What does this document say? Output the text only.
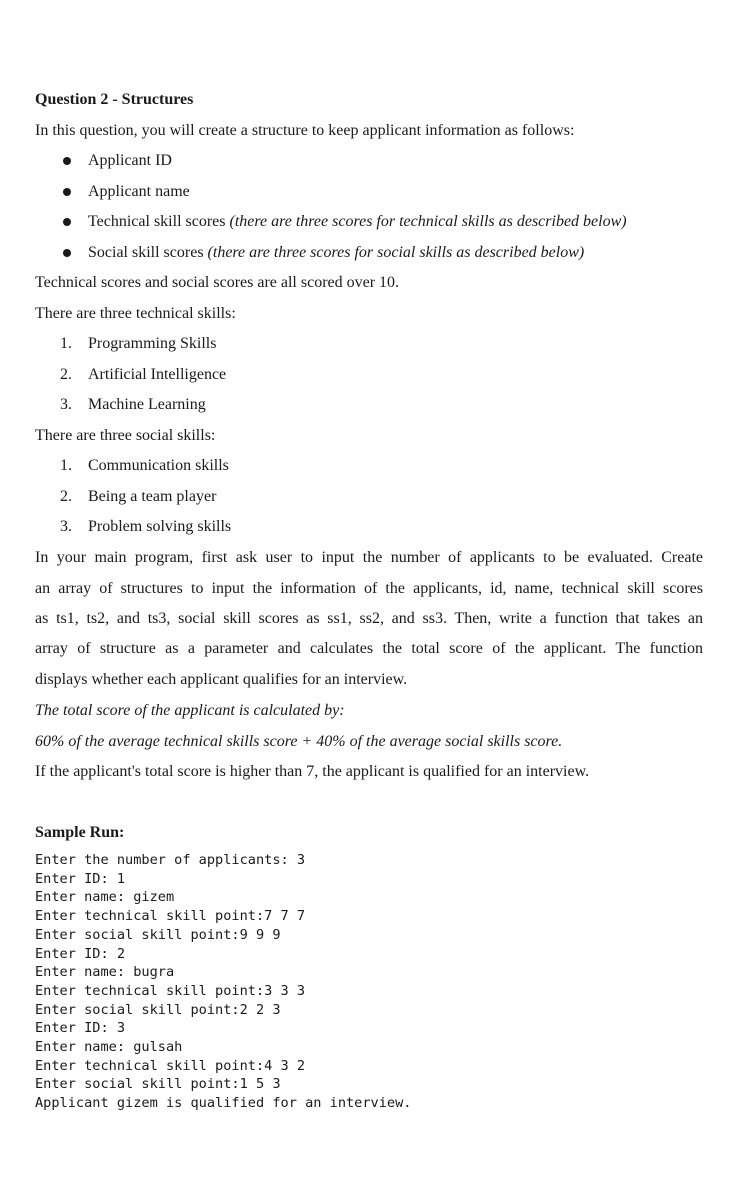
Question 2 - Structures
In this question, you will create a structure to keep applicant information as follows:
Applicant ID
Applicant name
Technical skill scores (there are three scores for technical skills as described below)
Social skill scores (there are three scores for social skills as described below)
Technical scores and social scores are all scored over 10.
There are three technical skills:
1. Programming Skills
2. Artificial Intelligence
3. Machine Learning
There are three social skills:
1. Communication skills
2. Being a team player
3. Problem solving skills
In your main program, first ask user to input the number of applicants to be evaluated. Create
an array of structures to input the information of the applicants, id, name, technical skill scores
as ts1, ts2, and ts3, social skill scores as ss1, ss2, and ss3. Then, write a function that takes an
array of structure as a parameter and calculates the total score of the applicant. The function
displays whether each applicant qualifies for an interview.
The total score of the applicant is calculated by:
60% of the average technical skills score + 40% of the average social skills score.
If the applicant's total score is higher than 7, the applicant is qualified for an interview.
Sample Run:
Enter the number of applicants: 3
Enter ID: 1
Enter name: gizem
Enter technical skill point:7 7 7
Enter social skill point:9 9 9
Enter ID: 2
Enter name: bugra
Enter technical skill point:3 3 3
Enter social skill point:2 2 3
Enter ID: 3
Enter name: gulsah
Enter technical skill point:4 3 2
Enter social skill point:1 5 3
Applicant gizem is qualified for an interview.
